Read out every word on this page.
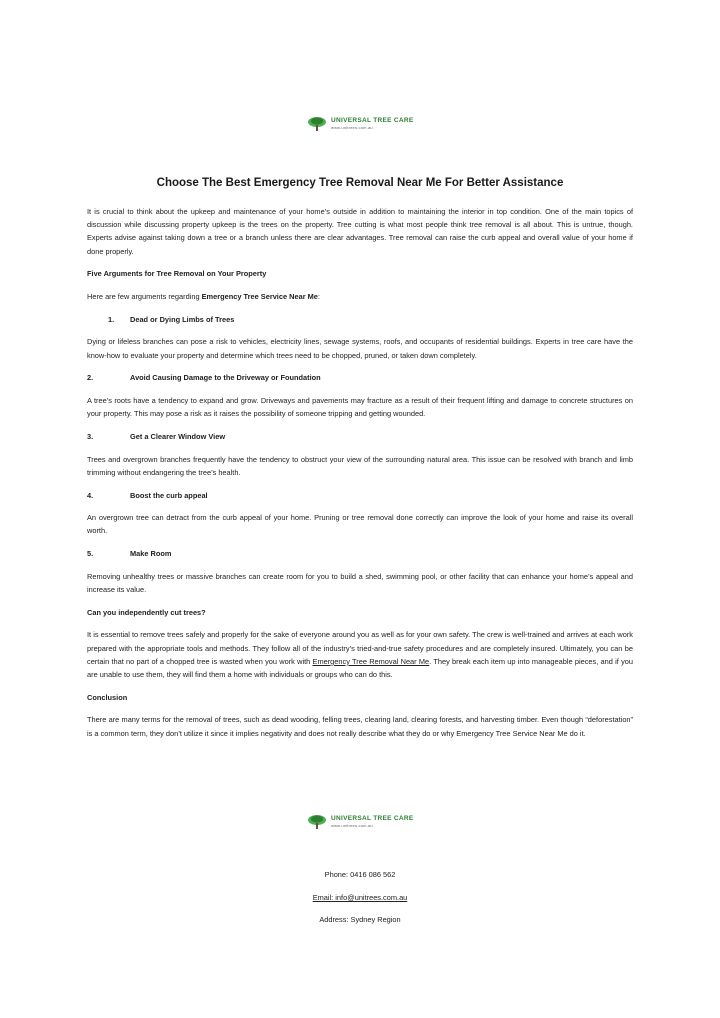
UNIVERSAL TREE CARE
www.unitrees.com.au
Choose The Best Emergency Tree Removal Near Me For Better Assistance

It is crucial to think about the upkeep and maintenance of your home’s outside in addition to maintaining the interior in top condition. One of the main topics of discussion while discussing property upkeep is the trees on the property. Tree cutting is what most people think tree removal is all about. This is untrue, though. Experts advise against taking down a tree or a branch unless there are clear advantages. Tree removal can raise the curb appeal and overall value of your home if done properly.

Five Arguments for Tree Removal on Your Property

Here are few arguments regarding Emergency Tree Service Near Me:

1.	Dead or Dying Limbs of Trees

Dying or lifeless branches can pose a risk to vehicles, electricity lines, sewage systems, roofs, and occupants of residential buildings. Experts in tree care have the know-how to evaluate your property and determine which trees need to be chopped, pruned, or taken down completely.

2.	Avoid Causing Damage to the Driveway or Foundation

A tree’s roots have a tendency to expand and grow. Driveways and pavements may fracture as a result of their frequent lifting and damage to concrete structures on your property. This may pose a risk as it raises the possibility of someone tripping and getting wounded.

3.	Get a Clearer Window View

Trees and overgrown branches frequently have the tendency to obstruct your view of the surrounding natural area. This issue can be resolved with branch and limb trimming without endangering the tree’s health.

4.	Boost the curb appeal

An overgrown tree can detract from the curb appeal of your home. Pruning or tree removal done correctly can improve the look of your home and raise its overall worth.

5.	Make Room

Removing unhealthy trees or massive branches can create room for you to build a shed, swimming pool, or other facility that can enhance your home’s appeal and increase its value.

Can you independently cut trees?

It is essential to remove trees safely and properly for the sake of everyone around you as well as for your own safety. The crew is well-trained and arrives at each work prepared with the appropriate tools and methods. They follow all of the industry’s tried-and-true safety procedures and are completely insured. Ultimately, you can be certain that no part of a chopped tree is wasted when you work with Emergency Tree Removal Near Me. They break each item up into manageable pieces, and if you are unable to use them, they will find them a home with individuals or groups who can do this.

Conclusion

There are many terms for the removal of trees, such as dead wooding, felling trees, clearing land, clearing forests, and harvesting timber. Even though “deforestation” is a common term, they don’t utilize it since it implies negativity and does not really describe what they do or why Emergency Tree Service Near Me do it.

UNIVERSAL TREE CARE
www.unitrees.com.au
Phone: 0416 086 562
Email: info@unitrees.com.au
Address: Sydney Region
